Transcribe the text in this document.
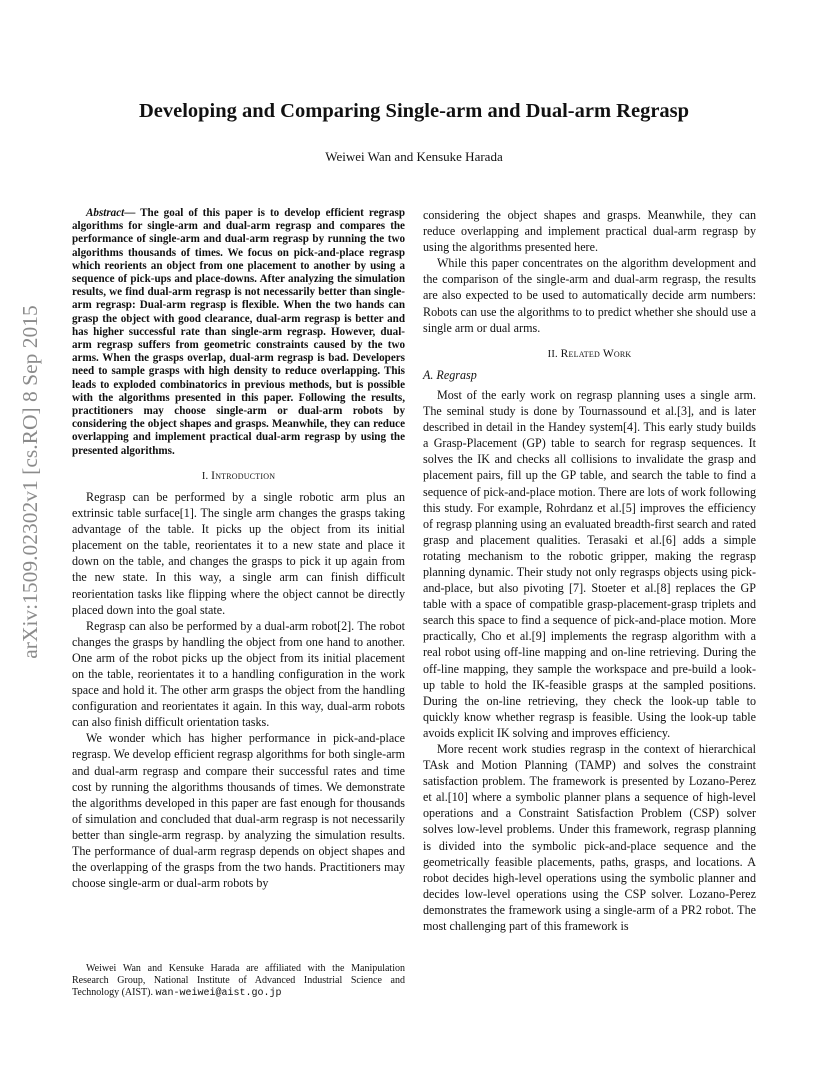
arXiv:1509.02302v1 [cs.RO] 8 Sep 2015
Developing and Comparing Single-arm and Dual-arm Regrasp
Weiwei Wan and Kensuke Harada

Abstract— The goal of this paper is to develop efficient regrasp algorithms for single-arm and dual-arm regrasp and compares the performance of single-arm and dual-arm regrasp by running the two algorithms thousands of times. We focus on pick-and-place regrasp which reorients an object from one placement to another by using a sequence of pick-ups and place-downs. After analyzing the simulation results, we find dual-arm regrasp is not necessarily better than single-arm regrasp: Dual-arm regrasp is flexible. When the two hands can grasp the object with good clearance, dual-arm regrasp is better and has higher successful rate than single-arm regrasp. However, dual-arm regrasp suffers from geometric constraints caused by the two arms. When the grasps overlap, dual-arm regrasp is bad. Developers need to sample grasps with high density to reduce overlapping. This leads to exploded combinatorics in previous methods, but is possible with the algorithms presented in this paper. Following the results, practitioners may choose single-arm or dual-arm robots by considering the object shapes and grasps. Meanwhile, they can reduce overlapping and implement practical dual-arm regrasp by using the presented algorithms.

I. Introduction

Regrasp can be performed by a single robotic arm plus an extrinsic table surface[1]. The single arm changes the grasps taking advantage of the table. It picks up the object from its initial placement on the table, reorientates it to a new state and place it down on the table, and changes the grasps to pick it up again from the new state. In this way, a single arm can finish difficult reorientation tasks like flipping where the object cannot be directly placed down into the goal state.

Regrasp can also be performed by a dual-arm robot[2]. The robot changes the grasps by handling the object from one hand to another. One arm of the robot picks up the object from its initial placement on the table, reorientates it to a handling configuration in the work space and hold it. The other arm grasps the object from the handling configuration and reorientates it again. In this way, dual-arm robots can also finish difficult orientation tasks.

We wonder which has higher performance in pick-and-place regrasp. We develop efficient regrasp algorithms for both single-arm and dual-arm regrasp and compare their successful rates and time cost by running the algorithms thousands of times. We demonstrate the algorithms developed in this paper are fast enough for thousands of simulation and concluded that dual-arm regrasp is not necessarily better than single-arm regrasp. by analyzing the simulation results. The performance of dual-arm regrasp depends on object shapes and the overlapping of the grasps from the two hands. Practitioners may choose single-arm or dual-arm robots by

Weiwei Wan and Kensuke Harada are affiliated with the Manipulation Research Group, National Institute of Advanced Industrial Science and Technology (AIST). wan-weiwei@aist.go.jp

considering the object shapes and grasps. Meanwhile, they can reduce overlapping and implement practical dual-arm regrasp by using the algorithms presented here.

While this paper concentrates on the algorithm development and the comparison of the single-arm and dual-arm regrasp, the results are also expected to be used to automatically decide arm numbers: Robots can use the algorithms to to predict whether she should use a single arm or dual arms.

II. Related Work
A. Regrasp

Most of the early work on regrasp planning uses a single arm. The seminal study is done by Tournassound et al.[3], and is later described in detail in the Handey system[4]. This early study builds a Grasp-Placement (GP) table to search for regrasp sequences. It solves the IK and checks all collisions to invalidate the grasp and placement pairs, fill up the GP table, and search the table to find a sequence of pick-and-place motion. There are lots of work following this study. For example, Rohrdanz et al.[5] improves the efficiency of regrasp planning using an evaluated breadth-first search and rated grasp and placement qualities. Terasaki et al.[6] adds a simple rotating mechanism to the robotic gripper, making the regrasp planning dynamic. Their study not only regrasps objects using pick-and-place, but also pivoting [7]. Stoeter et al.[8] replaces the GP table with a space of compatible grasp-placement-grasp triplets and search this space to find a sequence of pick-and-place motion. More practically, Cho et al.[9] implements the regrasp algorithm with a real robot using off-line mapping and on-line retrieving. During the off-line mapping, they sample the workspace and pre-build a look-up table to hold the IK-feasible grasps at the sampled positions. During the on-line retrieving, they check the look-up table to quickly know whether regrasp is feasible. Using the look-up table avoids explicit IK solving and improves efficiency.

More recent work studies regrasp in the context of hierarchical TAsk and Motion Planning (TAMP) and solves the constraint satisfaction problem. The framework is presented by Lozano-Perez et al.[10] where a symbolic planner plans a sequence of high-level operations and a Constraint Satisfaction Problem (CSP) solver solves low-level problems. Under this framework, regrasp planning is divided into the symbolic pick-and-place sequence and the geometrically feasible placements, paths, grasps, and locations. A robot decides high-level operations using the symbolic planner and decides low-level operations using the CSP solver. Lozano-Perez demonstrates the framework using a single-arm of a PR2 robot. The most challenging part of this framework is
